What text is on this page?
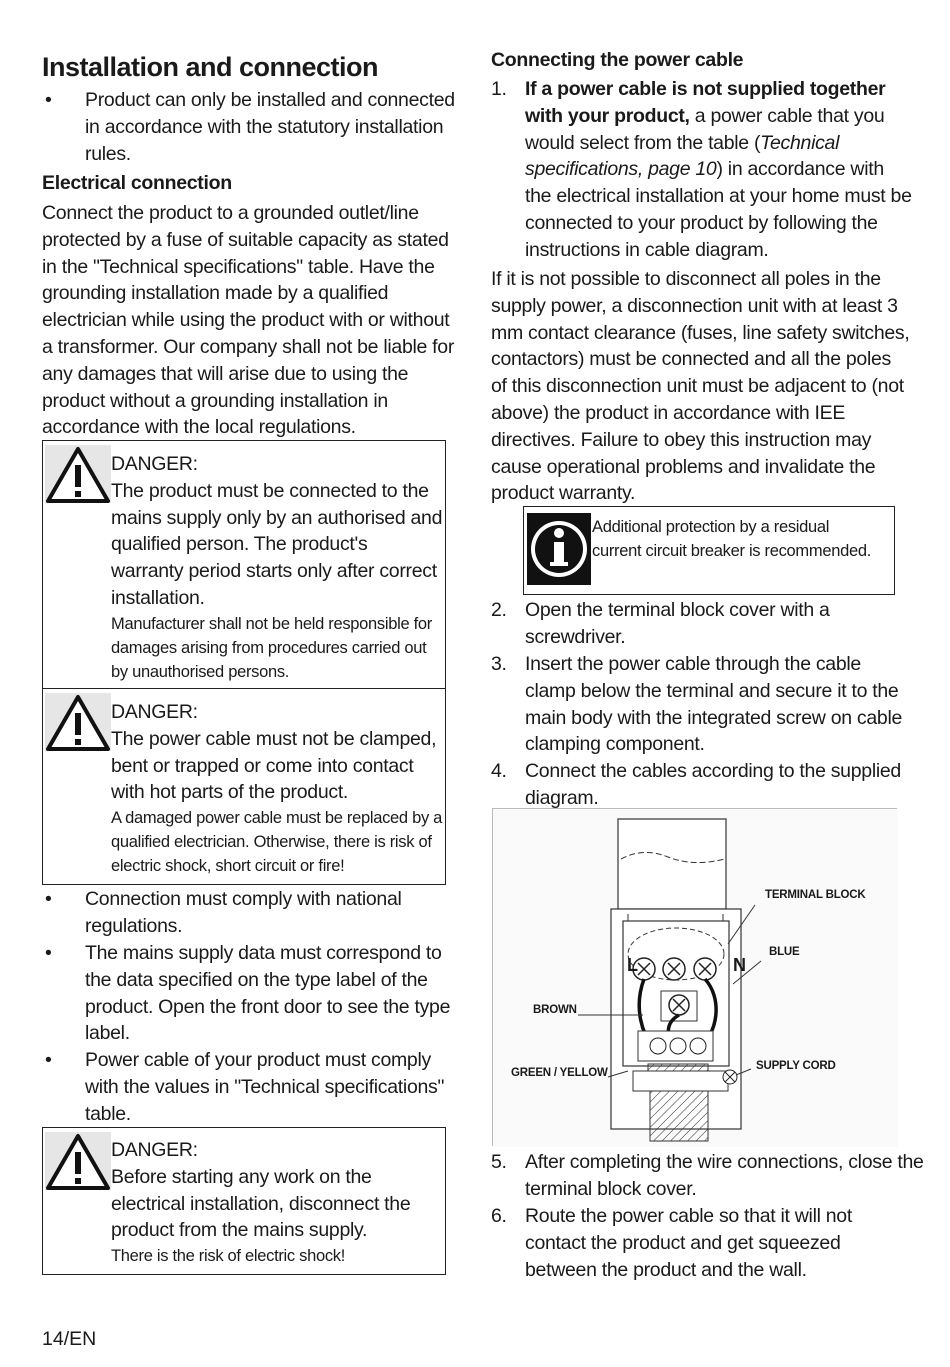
Installation and connection
• Product can only be installed and connected in accordance with the statutory installation rules.
Electrical connection
Connect the product to a grounded outlet/line protected by a fuse of suitable capacity as stated in the "Technical specifications" table. Have the grounding installation made by a qualified electrician while using the product with or without a transformer. Our company shall not be liable for any damages that will arise due to using the product without a grounding installation in accordance with the local regulations.
DANGER:
The product must be connected to the mains supply only by an authorised and qualified person. The product's warranty period starts only after correct installation.
Manufacturer shall not be held responsible for damages arising from procedures carried out by unauthorised persons.
DANGER:
The power cable must not be clamped, bent or trapped or come into contact with hot parts of the product.
A damaged power cable must be replaced by a qualified electrician. Otherwise, there is risk of electric shock, short circuit or fire!
• Connection must comply with national regulations.
• The mains supply data must correspond to the data specified on the type label of the product. Open the front door to see the type label.
• Power cable of your product must comply with the values in "Technical specifications" table.
DANGER:
Before starting any work on the electrical installation, disconnect the product from the mains supply.
There is the risk of electric shock!
14/EN
Connecting the power cable
1. If a power cable is not supplied together with your product, a power cable that you would select from the table (Technical specifications, page 10) in accordance with the electrical installation at your home must be connected to your product by following the instructions in cable diagram.
If it is not possible to disconnect all poles in the supply power, a disconnection unit with at least 3 mm contact clearance (fuses, line safety switches, contactors) must be connected and all the poles of this disconnection unit must be adjacent to (not above) the product in accordance with IEE directives. Failure to obey this instruction may cause operational problems and invalidate the product warranty.
Additional protection by a residual current circuit breaker is recommended.
2. Open the terminal block cover with a screwdriver.
3. Insert the power cable through the cable clamp below the terminal and secure it to the main body with the integrated screw on cable clamping component.
4. Connect the cables according to the supplied diagram.
L	N
TERMINAL BLOCK
BLUE
BROWN
GREEN / YELLOW
SUPPLY CORD
5. After completing the wire connections, close the terminal block cover.
6. Route the power cable so that it will not contact the product and get squeezed between the product and the wall.
